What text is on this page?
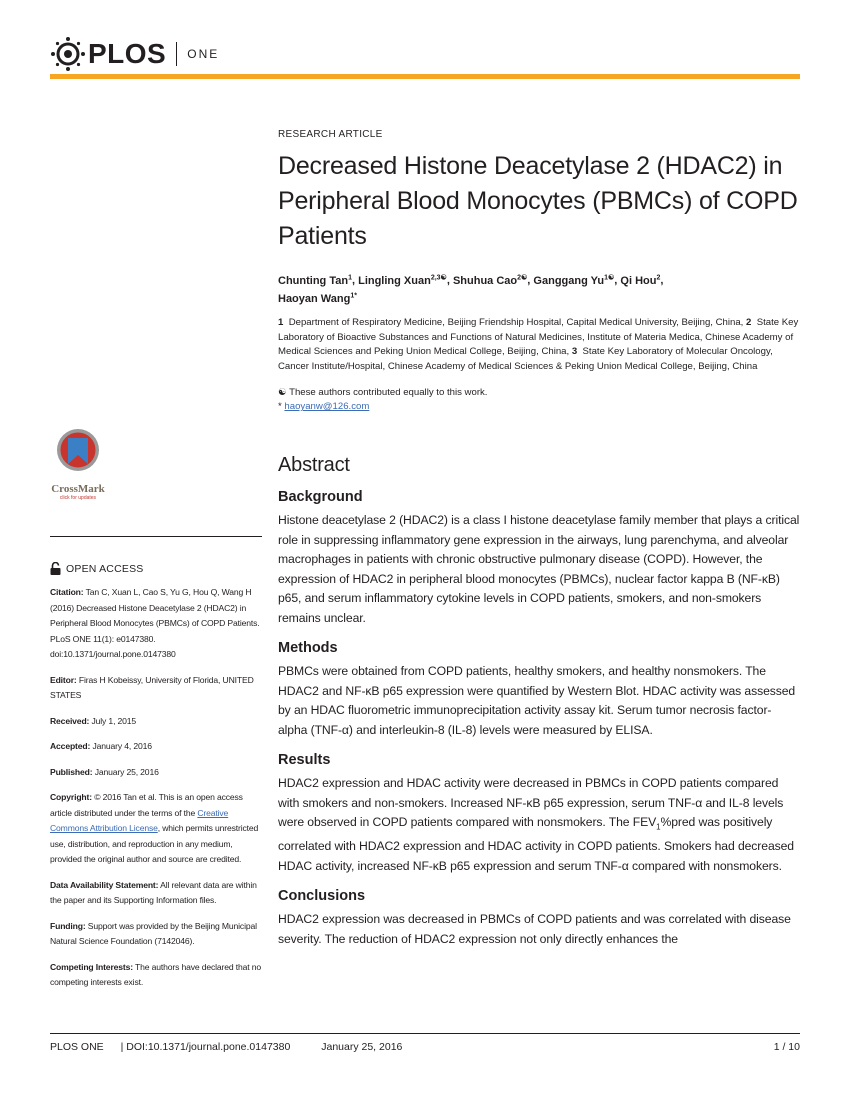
PLOS ONE
CrossMark
click for updates
OPEN ACCESS
Citation: Tan C, Xuan L, Cao S, Yu G, Hou Q, Wang H (2016) Decreased Histone Deacetylase 2 (HDAC2) in Peripheral Blood Monocytes (PBMCs) of COPD Patients. PLoS ONE 11(1): e0147380. doi:10.1371/journal.pone.0147380
Editor: Firas H Kobeissy, University of Florida, UNITED STATES
Received: July 1, 2015
Accepted: January 4, 2016
Published: January 25, 2016
Copyright: © 2016 Tan et al. This is an open access article distributed under the terms of the Creative Commons Attribution License, which permits unrestricted use, distribution, and reproduction in any medium, provided the original author and source are credited.
Data Availability Statement: All relevant data are within the paper and its Supporting Information files.
Funding: Support was provided by the Beijing Municipal Natural Science Foundation (7142046).
Competing Interests: The authors have declared that no competing interests exist.
RESEARCH ARTICLE
Decreased Histone Deacetylase 2 (HDAC2) in Peripheral Blood Monocytes (PBMCs) of COPD Patients
Chunting Tan$^1$, Lingling Xuan$^{2,3☯}$, Shuhua Cao$^{2☯}$, Ganggang $Yu^{1☯}$, Qi Hou$^2$,
Haoyan Wang$^{1*}$
1 Department of Respiratory Medicine, Beijing Friendship Hospital, Capital Medical University, Beijing, China, 2 State Key Laboratory of Bioactive Substances and Functions of Natural Medicines, Institute of Materia Medica, Chinese Academy of Medical Sciences and Peking Union Medical College, Beijing, China, 3 State Key Laboratory of Molecular Oncology, Cancer Institute/Hospital, Chinese Academy of Medical Sciences & Peking Union Medical College, Beijing, China
☯ These authors contributed equally to this work.
* haoyanw@126.com
Abstract
Background

Histone deacetylase 2 (HDAC2) is a class I histone deacetylase family member that plays a critical role in suppressing inflammatory gene expression in the airways, lung parenchyma, and alveolar macrophages in patients with chronic obstructive pulmonary disease (COPD). However, the expression of HDAC2 in peripheral blood monocytes (PBMCs), nuclear factor kappa B (NF-κB) p65, and serum inflammatory cytokine levels in COPD patients, smokers, and non-smokers remains unclear.

Methods

PBMCs were obtained from COPD patients, healthy smokers, and healthy nonsmokers. The HDAC2 and NF-κB p65 expression were quantified by Western Blot. HDAC activity was assessed by an HDAC fluorometric immunoprecipitation activity assay kit. Serum tumor necrosis factor-alpha (TNF-α) and interleukin-8 (IL-8) levels were measured by ELISA.

Results

HDAC2 expression and HDAC activity were decreased in PBMCs in COPD patients compared with smokers and non-smokers. Increased NF-κB p65 expression, serum TNF-α and IL-8 levels were observed in COPD patients compared with nonsmokers. The $FEV_1\%pred$ was positively correlated with HDAC2 expression and HDAC activity in COPD patients. Smokers had decreased HDAC activity, increased NF-κB p65 expression and serum TNF-α compared with nonsmokers.

Conclusions

HDAC2 expression was decreased in PBMCs of COPD patients and was correlated with disease severity. The reduction of HDAC2 expression not only directly enhances the

PLOS ONE | DOI:10.1371/journal.pone.0147380	January 25, 2016	1 / 10
